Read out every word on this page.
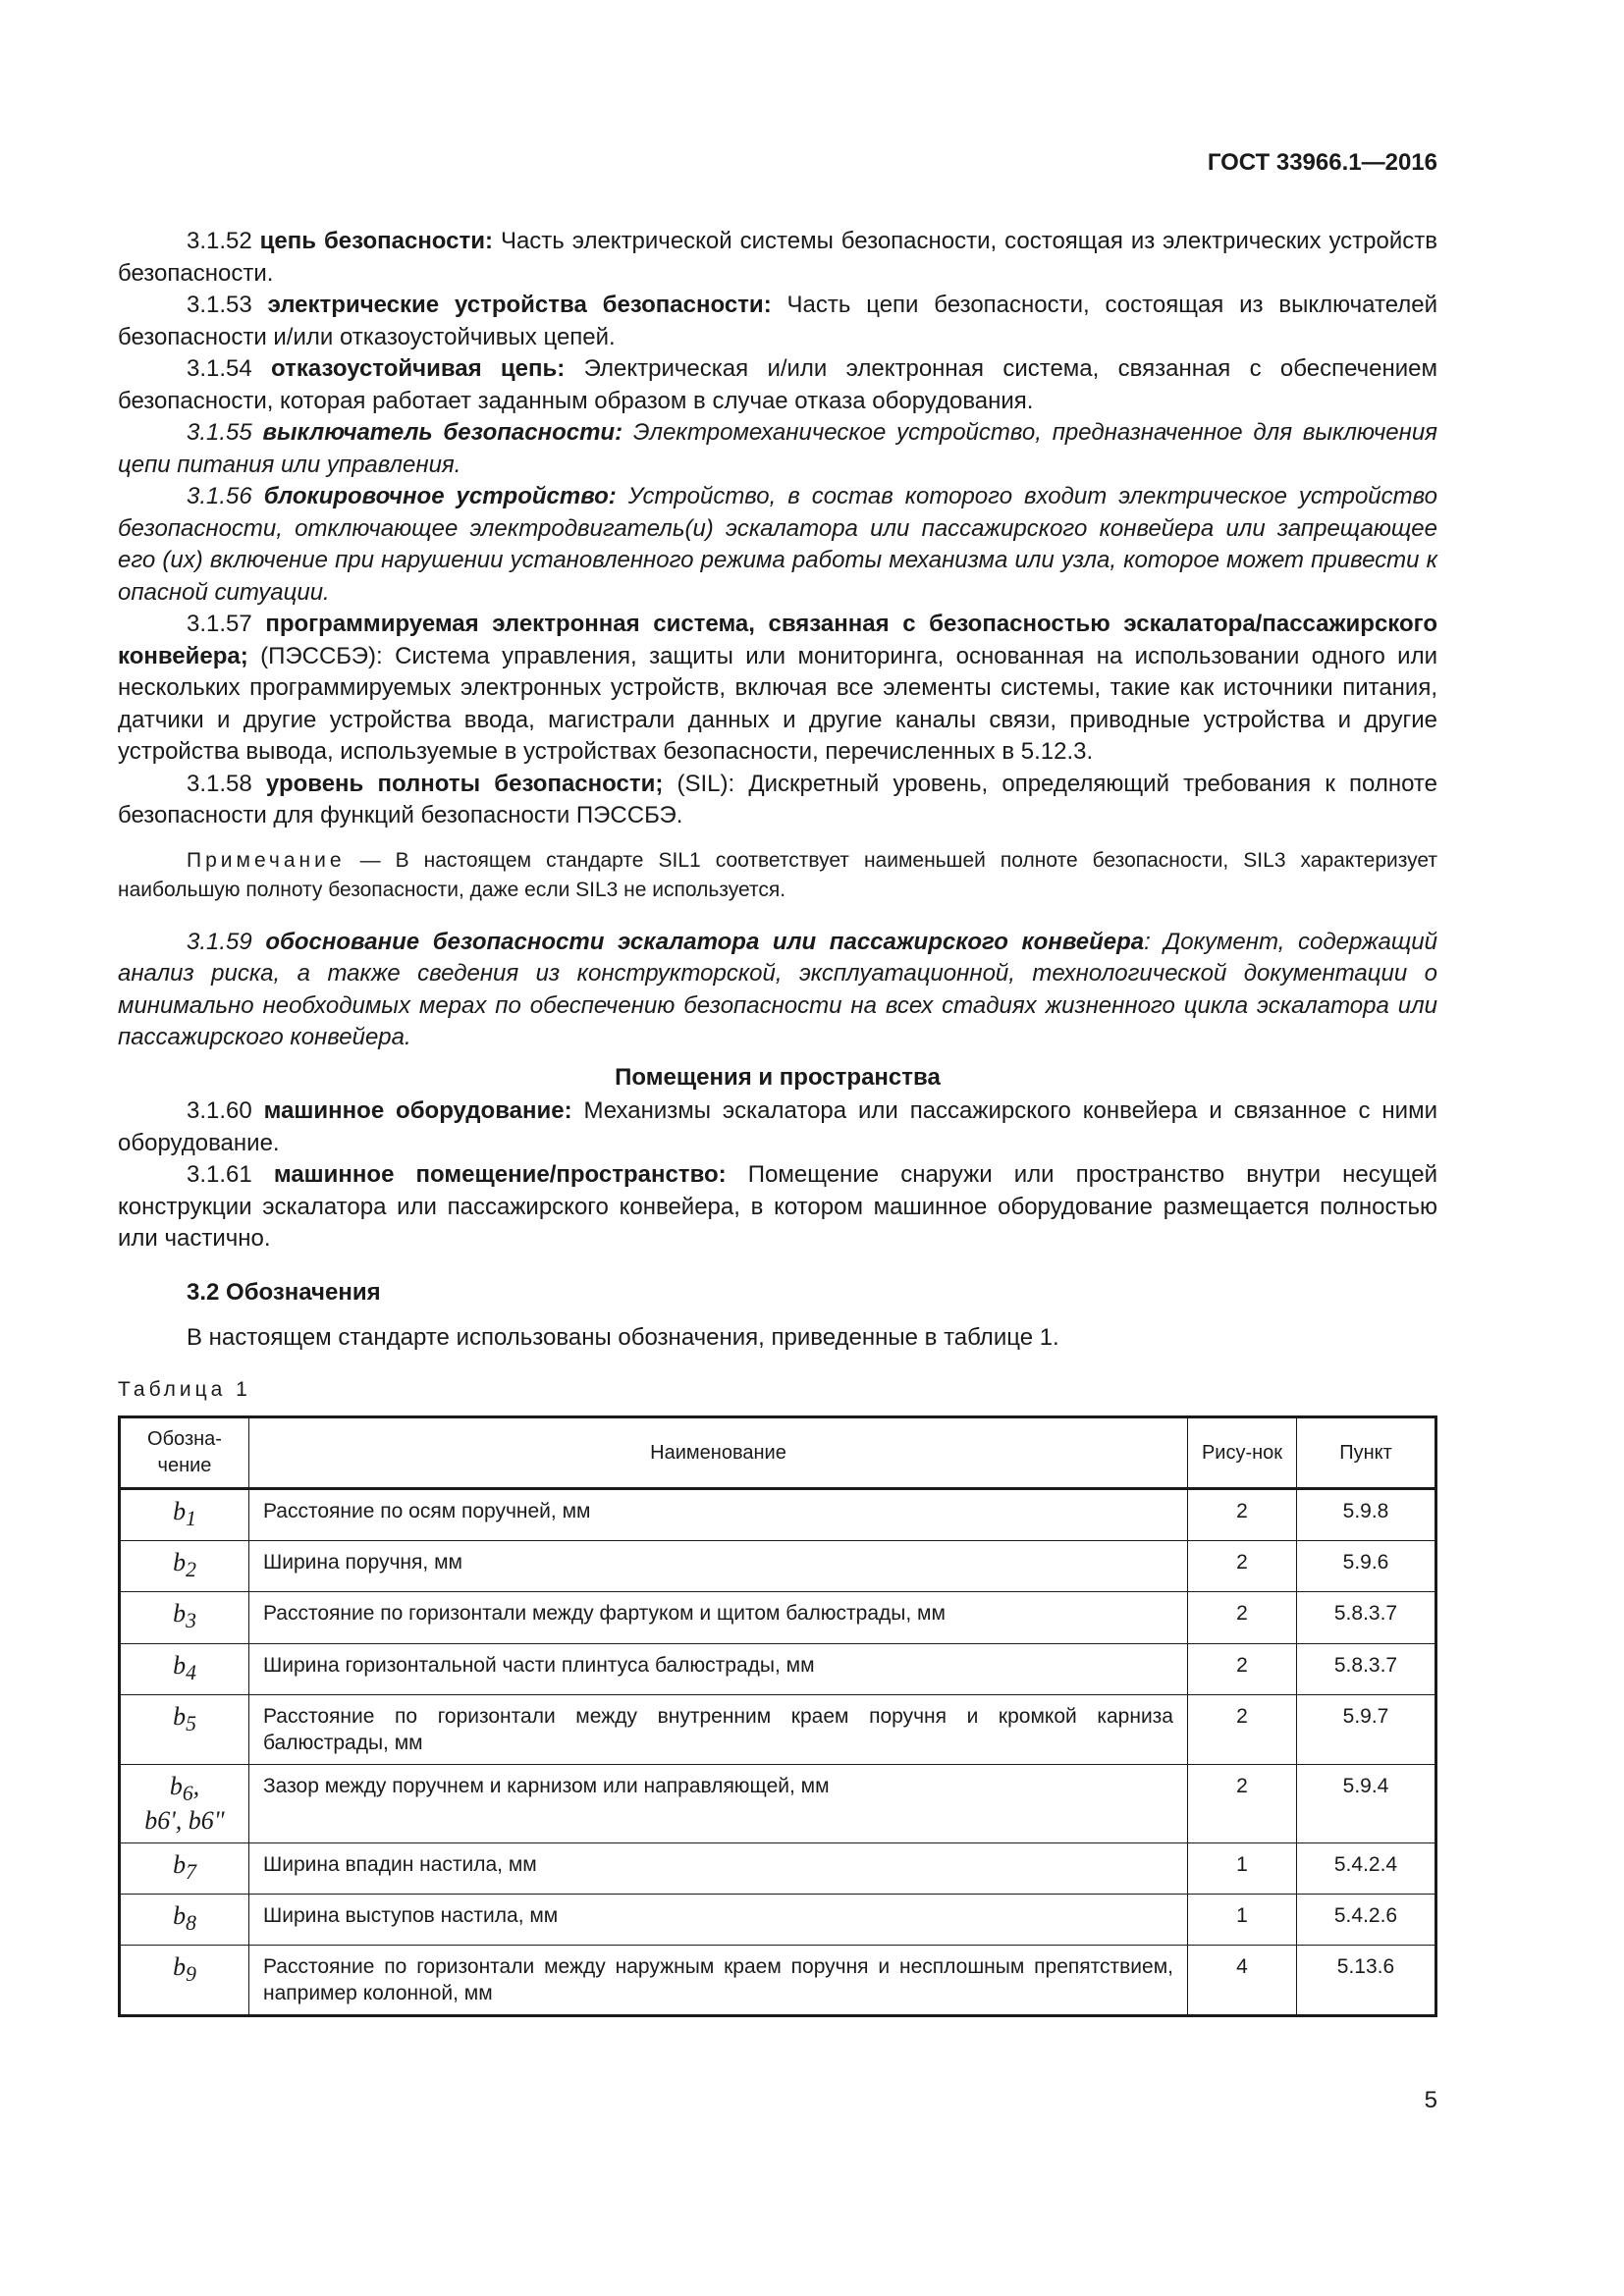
ГОСТ 33966.1—2016

3.1.52 цепь безопасности: Часть электрической системы безопасности, состоящая из электрических устройств безопасности.

3.1.53 электрические устройства безопасности: Часть цепи безопасности, состоящая из выключателей безопасности и/или отказоустойчивых цепей.

3.1.54 отказоустойчивая цепь: Электрическая и/или электронная система, связанная с обеспечением безопасности, которая работает заданным образом в случае отказа оборудования.

3.1.55 выключатель безопасности: Электромеханическое устройство, предназначенное для выключения цепи питания или управления.

3.1.56 блокировочное устройство: Устройство, в состав которого входит электрическое устройство безопасности, отключающее электродвигатель(и) эскалатора или пассажирского конвейера или запрещающее его (их) включение при нарушении установленного режима работы механизма или узла, которое может привести к опасной ситуации.

3.1.57 программируемая электронная система, связанная с безопасностью эскалатора/пассажирского конвейера; (ПЭССБЭ): Система управления, защиты или мониторинга, основанная на использовании одного или нескольких программируемых электронных устройств, включая все элементы системы, такие как источники питания, датчики и другие устройства ввода, магистрали данных и другие каналы связи, приводные устройства и другие устройства вывода, используемые в устройствах безопасности, перечисленных в 5.12.3.

3.1.58 уровень полноты безопасности; (SIL): Дискретный уровень, определяющий требования к полноте безопасности для функций безопасности ПЭССБЭ.

Примечание — В настоящем стандарте SIL1 соответствует наименьшей полноте безопасности, SIL3 характеризует наибольшую полноту безопасности, даже если SIL3 не используется.

3.1.59 обоснование безопасности эскалатора или пассажирского конвейера: Документ, содержащий анализ риска, а также сведения из конструкторской, эксплуатационной, технологической документации о минимально необходимых мерах по обеспечению безопасности на всех стадиях жизненного цикла эскалатора или пассажирского конвейера.

Помещения и пространства

3.1.60 машинное оборудование: Механизмы эскалатора или пассажирского конвейера и связанное с ними оборудование.

3.1.61 машинное помещение/пространство: Помещение снаружи или пространство внутри несущей конструкции эскалатора или пассажирского конвейера, в котором машинное оборудование размещается полностью или частично.

3.2 Обозначения

В настоящем стандарте использованы обозначения, приведенные в таблице 1.

Таблица 1
Обозна-чение	Наименование	Рису-нок	Пункт
$b_1$	Расстояние по осям поручней, мм	2	5.9.8
$b_2$	Ширина поручня, мм	2	5.9.6
$b_3$	Расстояние по горизонтали между фартуком и щитом балюстрады, мм	2	5.8.3.7
$b_4$	Ширина горизонтальной части плинтуса балюстрады, мм	2	5.8.3.7
$b_5$	Расстояние по горизонтали между внутренним краем поручня и кромкой карниза балюстрады, мм	2	5.9.7
$b_6$,
b6', b6"	Зазор между поручнем и карнизом или направляющей, мм	2	5.9.4
$b_7$	Ширина впадин настила, мм	1	5.4.2.4
$b_8$	Ширина выступов настила, мм	1	5.4.2.6
$b_9$	Расстояние по горизонтали между наружным краем поручня и несплошным препятствием, например колонной, мм	4	5.13.6
5
